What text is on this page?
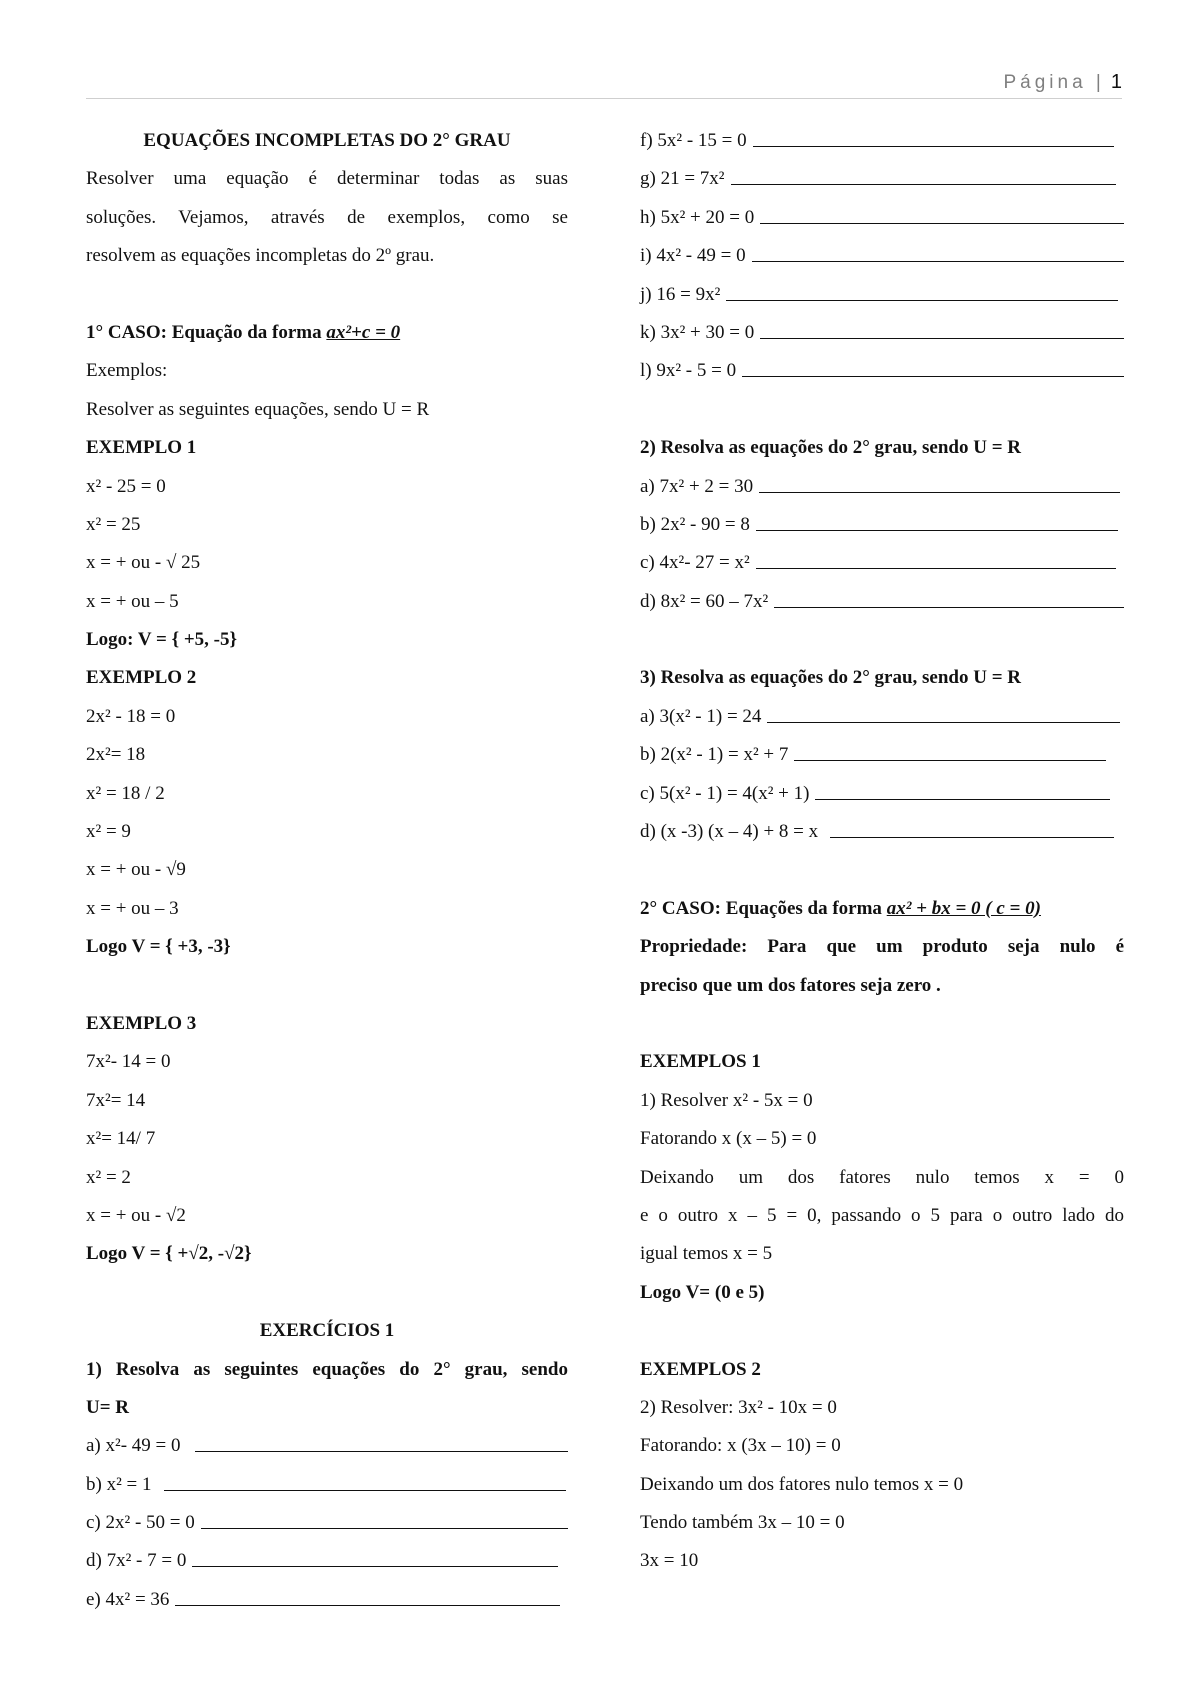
Página | 1
EQUAÇÕES INCOMPLETAS DO 2° GRAU
Resolver uma equação é determinar todas as suas
soluções. Vejamos, através de exemplos, como se
resolvem as equações incompletas do 2º grau.
1° CASO: Equação da forma ax²+c = 0
Exemplos:
Resolver as seguintes equações, sendo U = R
EXEMPLO 1
x² - 25 = 0
x² = 25
x = + ou - √ 25
x = + ou – 5
Logo: V = { +5, -5}
EXEMPLO 2
2x² - 18 = 0
2x²= 18
x² = 18 / 2
x² = 9
x = + ou - √9
x = + ou – 3
Logo V = { +3, -3}
EXEMPLO 3
7x²- 14 = 0
7x²= 14
x²= 14/ 7
x² = 2
x = + ou - √2
Logo V = { +√2, -√2}
EXERCÍCIOS 1
1) Resolva as seguintes equações do 2° grau, sendo
U= R
a) x²- 49 = 0
b) x² = 1
c) 2x² - 50 = 0
d) 7x² - 7 = 0
e) 4x² = 36
f) 5x² - 15 = 0
g) 21 = 7x²
h) 5x² + 20 = 0
i) 4x² - 49 = 0
j) 16 = 9x²
k) 3x² + 30 = 0
l) 9x² - 5 = 0
2) Resolva as equações do 2° grau, sendo U = R
a) 7x² + 2 = 30
b) 2x² - 90 = 8
c) 4x²- 27 = x²
d) 8x² = 60 – 7x²
3) Resolva as equações do 2° grau, sendo U = R
a) 3(x² - 1) = 24
b) 2(x² - 1) = x² + 7
c) 5(x² - 1) = 4(x² + 1)
d) (x -3) (x – 4) + 8 = x
2° CASO: Equações da forma ax² + bx = 0 ( c = 0)
Propriedade: Para que um produto seja nulo é
preciso que um dos fatores seja zero .
EXEMPLOS 1
1) Resolver x² - 5x = 0
Fatorando x (x – 5) = 0
Deixando um dos fatores nulo temos x = 0
e o outro x – 5 = 0, passando o 5 para o outro lado do
igual temos x = 5
Logo V= (0 e 5)
EXEMPLOS 2
2) Resolver: 3x² - 10x = 0
Fatorando: x (3x – 10) = 0
Deixando um dos fatores nulo temos x = 0
Tendo também 3x – 10 = 0
3x = 10
